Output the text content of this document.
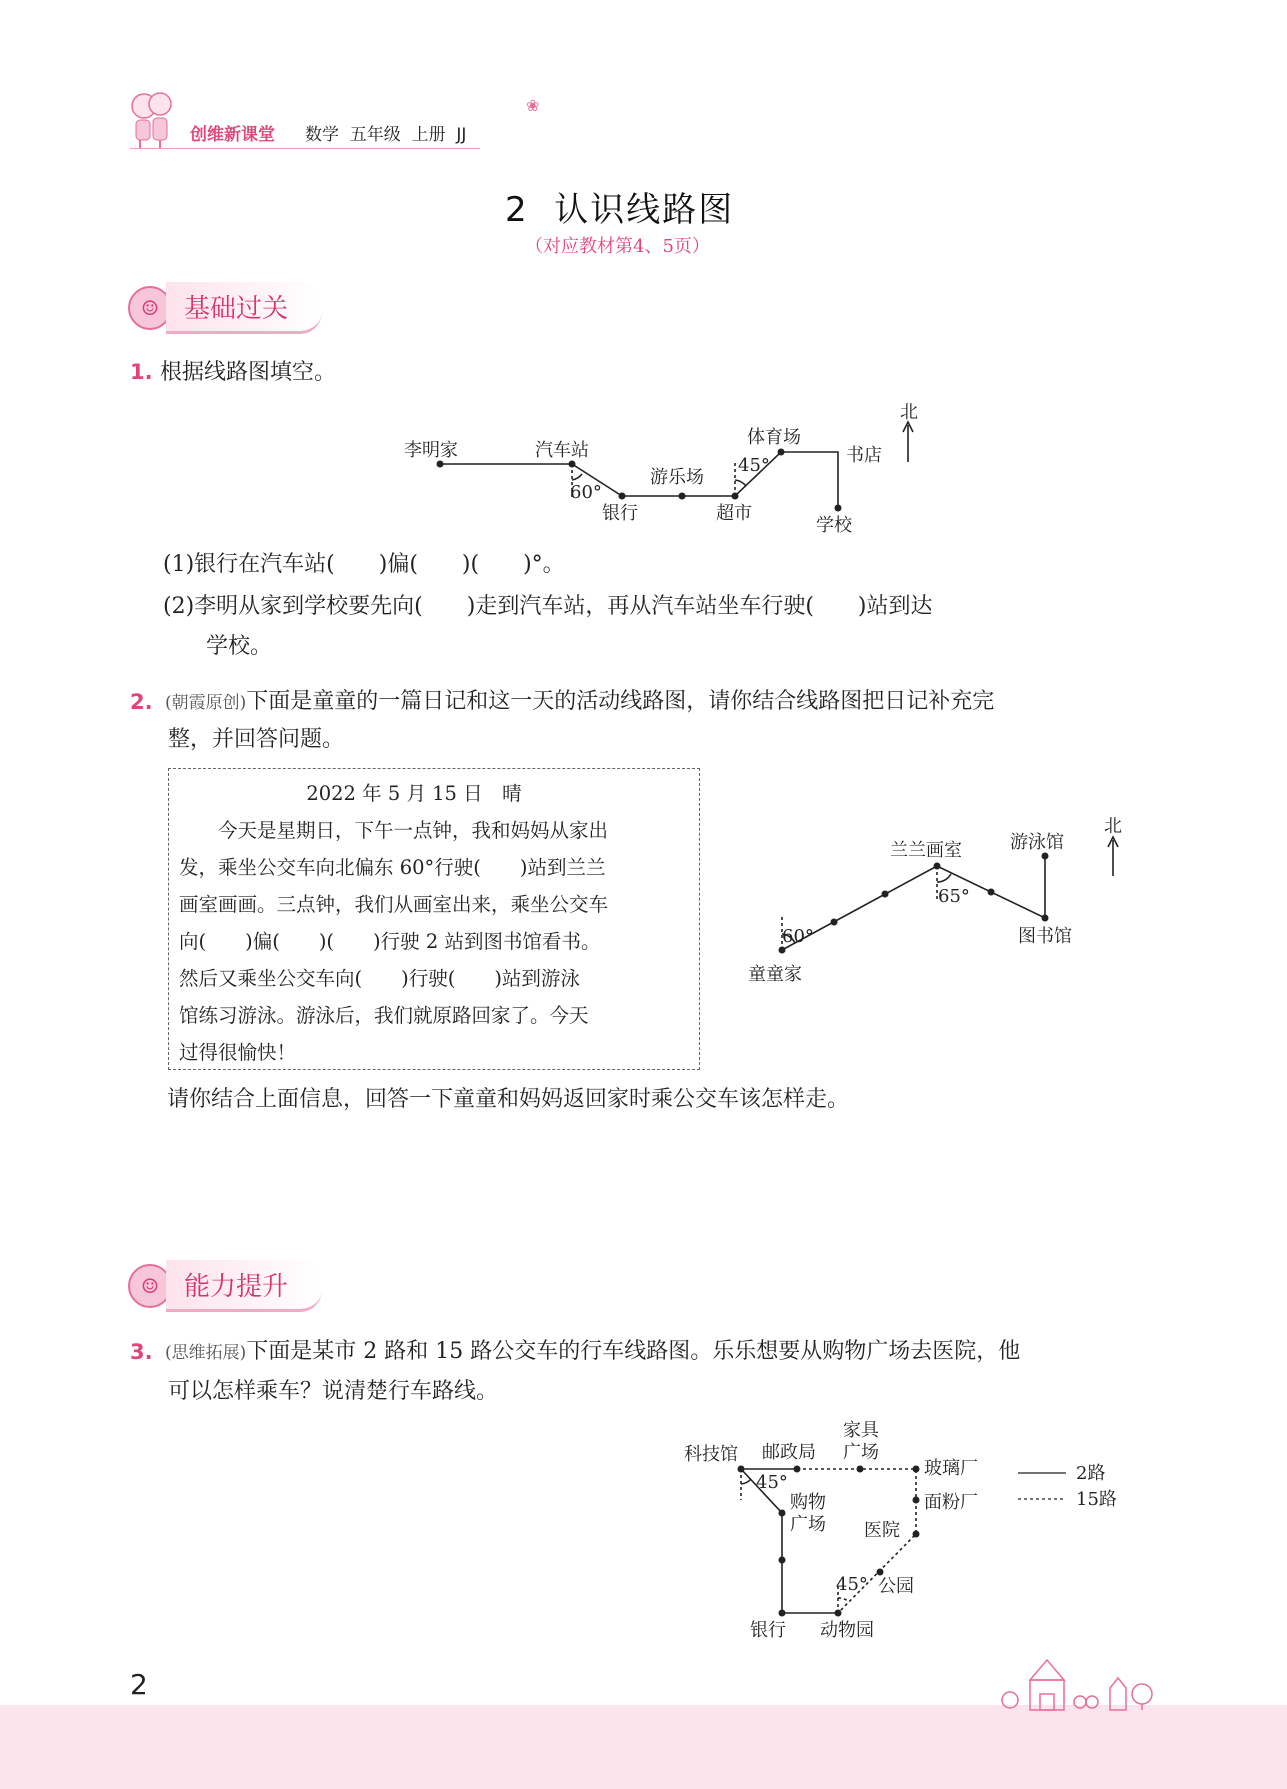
创维新课堂 数学  五年级  上册  JJ
❀
2  认识线路图
（对应教材第4、5页）
☺ 基础过关
1. 根据线路图填空。
北
李明家	汽车站
银行
游乐场
超市
体育场
书店
学校
60°
45°
(1)银行在汽车站(　　)偏(　　)(　　)°。
(2)李明从家到学校要先向(　　)走到汽车站，再从汽车站坐车行驶(　　)站到达
学校。
2. (朝霞原创)下面是童童的一篇日记和这一天的活动线路图，请你结合线路图把日记补充完
整，并回答问题。
2022 年 5 月 15 日　晴
　　今天是星期日，下午一点钟，我和妈妈从家出
发，乘坐公交车向北偏东 60°行驶(　　)站到兰兰
画室画画。三点钟，我们从画室出来，乘坐公交车
向(　　)偏(　　)(　　)行驶 2 站到图书馆看书。
然后又乘坐公交车向(　　)行驶(　　)站到游泳
馆练习游泳。游泳后，我们就原路回家了。今天
过得很愉快！
北
童童家
兰兰画室
图书馆
游泳馆
60°
65°
请你结合上面信息，回答一下童童和妈妈返回家时乘公交车该怎样走。
☺ 能力提升
3. (思维拓展)下面是某市 2 路和 15 路公交车的行车线路图。乐乐想要从购物广场去医院，他
可以怎样乘车？说清楚行车路线。
科技馆 邮政局
家具
广场
玻璃厂
面粉厂
购物
广场 医院
公园
银行 动物园
45°
45°
2路
15路
2
